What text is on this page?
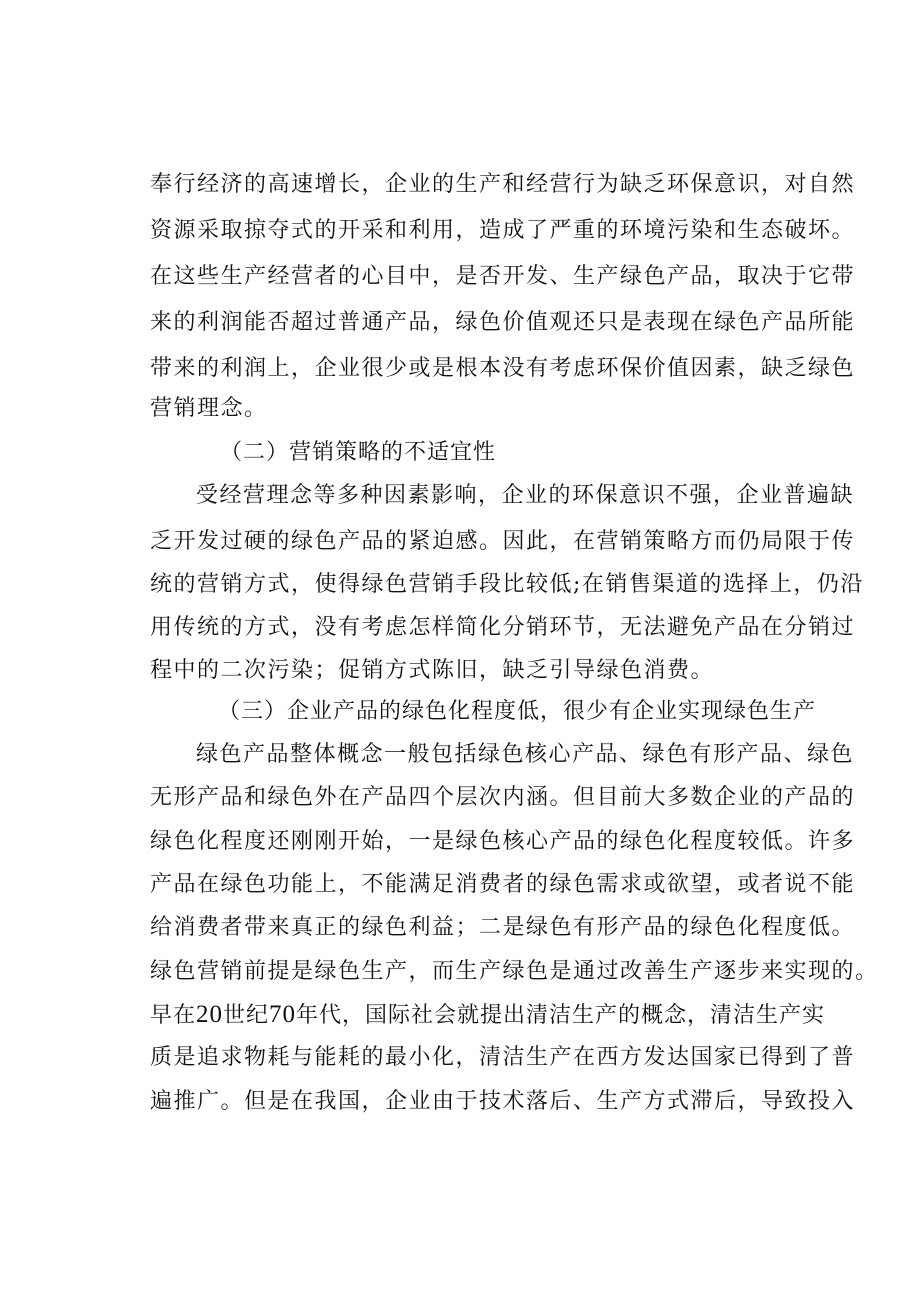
奉行经济的高速增长，企业的生产和经营行为缺乏环保意识，对自然
资源采取掠夺式的开采和利用，造成了严重的环境污染和生态破坏。
在这些生产经营者的心目中，是否开发、生产绿色产品，取决于它带
来的利润能否超过普通产品，绿色价值观还只是表现在绿色产品所能
带来的利润上，企业很少或是根本没有考虑环保价值因素，缺乏绿色
营销理念。
（二）营销策略的不适宜性
受经营理念等多种因素影响，企业的环保意识不强，企业普遍缺
乏开发过硬的绿色产品的紧迫感。因此，在营销策略方而仍局限于传
统的营销方式，使得绿色营销手段比较低;在销售渠道的选择上，仍沿
用传统的方式，没有考虑怎样简化分销环节，无法避免产品在分销过
程中的二次污染；促销方式陈旧，缺乏引导绿色消费。
（三）企业产品的绿色化程度低，很少有企业实现绿色生产
绿色产品整体概念一般包括绿色核心产品、绿色有形产品、绿色
无形产品和绿色外在产品四个层次内涵。但目前大多数企业的产品的
绿色化程度还刚刚开始，一是绿色核心产品的绿色化程度较低。许多
产品在绿色功能上，不能满足消费者的绿色需求或欲望，或者说不能
给消费者带来真正的绿色利益；二是绿色有形产品的绿色化程度低。
绿色营销前提是绿色生产，而生产绿色是通过改善生产逐步来实现的。
早在20世纪70年代，国际社会就提出清洁生产的概念，清洁生产实
质是追求物耗与能耗的最小化，清洁生产在西方发达国家已得到了普
遍推广。但是在我国，企业由于技术落后、生产方式滞后，导致投入
